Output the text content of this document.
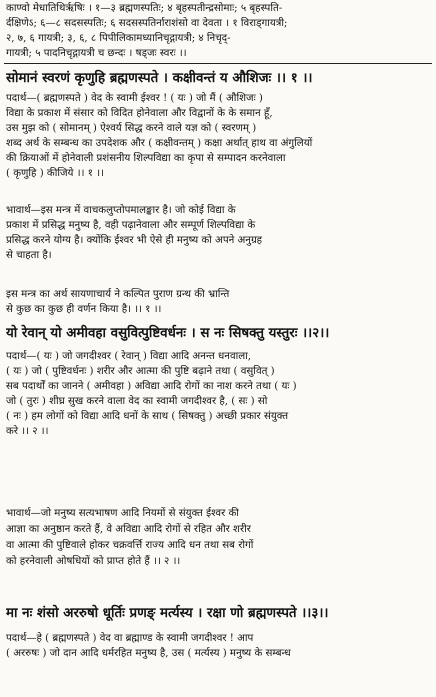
काण्वो मेधातिथिर्ऋषिः । १—३ ब्रह्मणस्पतिः; ४ बृहस्पतीन्द्रसोमाः; ५ बृहस्पति-
र्दक्षिणेऽ; ६—८ सदसस्पतिः; ६ सदसस्पतिर्नाराशंसो वा देवता । १ विराड्गायत्री;
२, ७, ६ गायत्री; ३, ६, ८ पिपीलिकामध्यानिचृद्गायत्री; ४ निचृद्-
गायत्री; ५ पादनिचृद्गायत्री च छन्दः । षड्जः स्वरः ।।
सोमानं स्वरणं कृणुहि ब्रह्मणस्पते । कक्षीवन्तं य औशिजः ।। १ ।।
पदार्थ—( ब्रह्मणस्पते ) वेद के स्वामी ईश्वर ! ( यः ) जो मैं ( औशिजः )
विद्या के प्रकाश में संसार को विदित होनेवाला और विद्वानों के के समान हूँ,
उस मुझ को ( सोमानम् ) ऐश्वर्य सिद्ध करने वाले यज्ञ को ( स्वरणम् )
शब्द अर्थ के सम्बन्ध का उपदेशक और ( कक्षीवन्तम् ) कक्षा अर्थात् हाथ वा अंगुलियों
की क्रियाओं में होनेवाली प्रशंसनीय शिल्पविद्या का कृपा से सम्पादन करनेवाला
( कृणुहि ) कीजिये ।। १ ।।
भावार्थ—इस मन्त्र में वाचकलुप्तोपमालङ्कार है। जो कोई विद्या के
प्रकाश में प्रसिद्ध मनुष्य है, वही पढ़ानेवाला और सम्पूर्ण शिल्पविद्या के
प्रसिद्ध करने योग्य है। क्योंकि ईश्वर भी ऐसे ही मनुष्य को अपने अनुग्रह
से चाहता है।
इस मन्त्र का अर्थ सायणाचार्य ने कल्पित पुराण ग्रन्थ की भ्रान्ति
से कुछ का कुछ ही वर्णन किया है। ।। १ ।।
यो रेवान् यो अमीवहा वसुवित्पुष्टिवर्धनः । स नः सिषक्तु यस्तुरः ।।२।।
पदार्थ—( यः ) जो जगदीश्वर ( रेवान् ) विद्या आदि अनन्त धनवाला,
( यः ) जो ( पुष्टिवर्धनः ) शरीर और आत्मा की पुष्टि बढ़ाने तथा ( वसुवित् )
सब पदार्थों का जानने ( अमीवहा ) अविद्या आदि रोगों का नाश करने तथा ( यः )
जो ( तुरः ) शीघ्र सुख करने वाला वेद का स्वामी जगदीश्वर है, ( सः ) सो
( नः ) हम लोगों को विद्या आदि धनों के साथ ( सिषक्तु ) अच्छी प्रकार संयुक्त
करे ।। २ ।।
भावार्थ—जो मनुष्य सत्यभाषण आदि नियमों से संयुक्त ईश्वर की
आज्ञा का अनुष्ठान करते हैं, वे अविद्या आदि रोगों से रहित और शरीर
वा आत्मा की पुष्टिवाले होकर चक्रवर्त्ति राज्य आदि धन तथा सब रोगों
को हरनेवाली ओषधियों को प्राप्त होते हैं ।। २ ।।
मा नः शंसो अररुषो धूर्तिः प्रणङ् मर्त्यस्य । रक्षा णो ब्रह्मणस्पते ।।३।।
पदार्थ—हे ( ब्रह्मणस्पते ) वेद वा ब्रह्माण्ड के स्वामी जगदीश्वर ! आप
( अररुषः ) जो दान आदि धर्मरहित मनुष्य है, उस ( मर्त्यस्य ) मनुष्य के सम्बन्ध
